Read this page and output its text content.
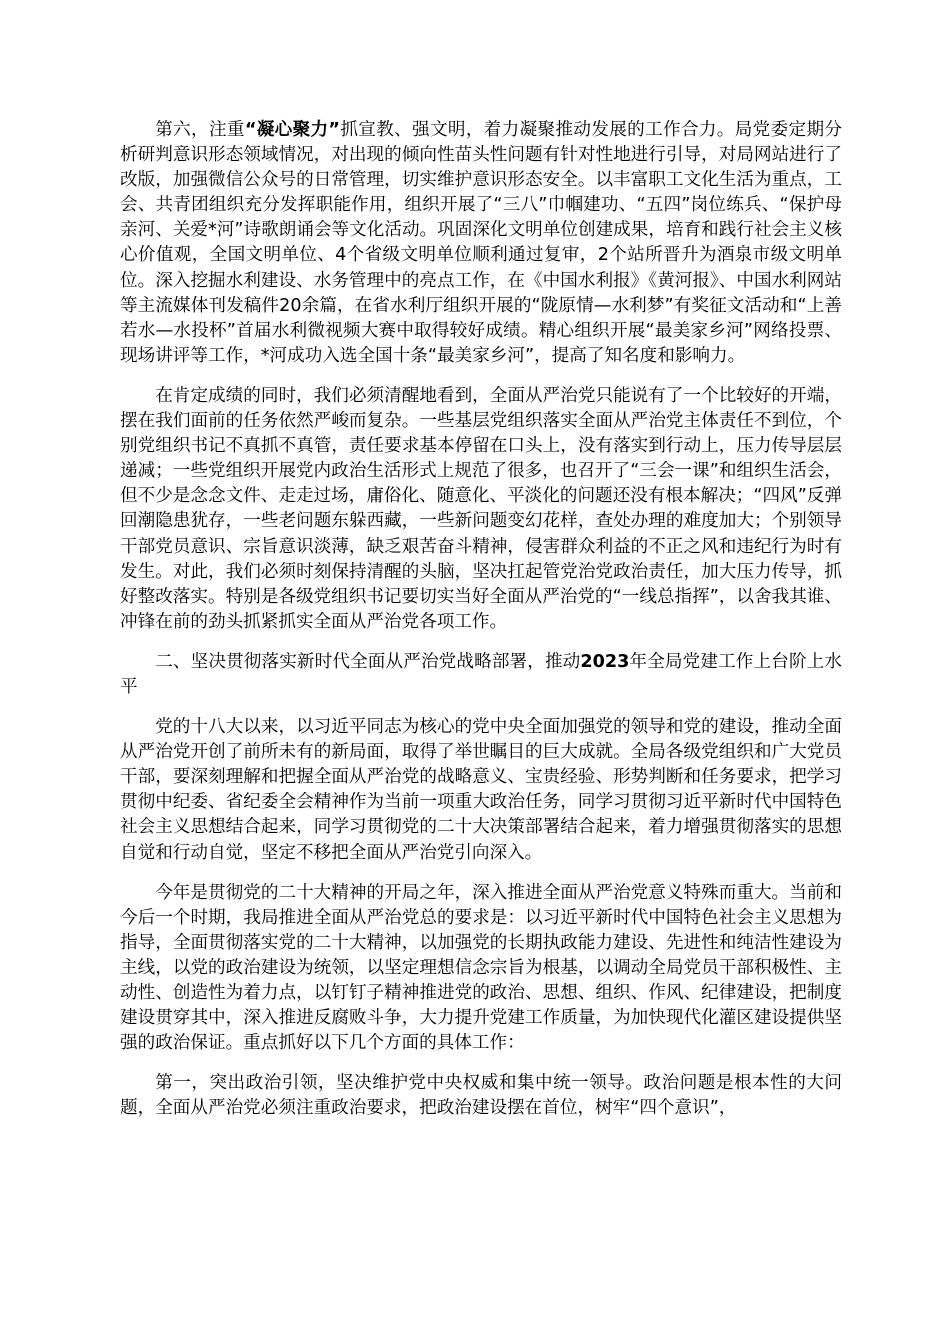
第六，注重“凝心聚力”抓宣教、强文明，着力凝聚推动发展的工作合力。局党委定期分析研判意识形态领域情况，对出现的倾向性苗头性问题有针对性地进行引导，对局网站进行了改版，加强微信公众号的日常管理，切实维护意识形态安全。以丰富职工文化生活为重点，工会、共青团组织充分发挥职能作用，组织开展了“三八”巾帼建功、“五四”岗位练兵、“保护母亲河、关爱*河”诗歌朗诵会等文化活动。巩固深化文明单位创建成果，培育和践行社会主义核心价值观，全国文明单位、4个省级文明单位顺利通过复审，2个站所晋升为酒泉市级文明单位。深入挖掘水利建设、水务管理中的亮点工作，在《中国水利报》《黄河报》、中国水利网站等主流媒体刊发稿件20余篇，在省水利厅组织开展的“陇原情—水利梦”有奖征文活动和“上善若水—水投杯”首届水利微视频大赛中取得较好成绩。精心组织开展“最美家乡河”网络投票、现场讲评等工作，*河成功入选全国十条“最美家乡河”，提高了知名度和影响力。

在肯定成绩的同时，我们必须清醒地看到，全面从严治党只能说有了一个比较好的开端，摆在我们面前的任务依然严峻而复杂。一些基层党组织落实全面从严治党主体责任不到位，个别党组织书记不真抓不真管，责任要求基本停留在口头上，没有落实到行动上，压力传导层层递减；一些党组织开展党内政治生活形式上规范了很多，也召开了“三会一课”和组织生活会，但不少是念念文件、走走过场，庸俗化、随意化、平淡化的问题还没有根本解决；“四风”反弹回潮隐患犹存，一些老问题东躲西藏，一些新问题变幻花样，查处办理的难度加大；个别领导干部党员意识、宗旨意识淡薄，缺乏艰苦奋斗精神，侵害群众利益的不正之风和违纪行为时有发生。对此，我们必须时刻保持清醒的头脑，坚决扛起管党治党政治责任，加大压力传导，抓好整改落实。特别是各级党组织书记要切实当好全面从严治党的“一线总指挥”，以舍我其谁、冲锋在前的劲头抓紧抓实全面从严治党各项工作。

二、坚决贯彻落实新时代全面从严治党战略部署，推动2023年全局党建工作上台阶上水平

党的十八大以来，以习近平同志为核心的党中央全面加强党的领导和党的建设，推动全面从严治党开创了前所未有的新局面，取得了举世瞩目的巨大成就。全局各级党组织和广大党员干部，要深刻理解和把握全面从严治党的战略意义、宝贵经验、形势判断和任务要求，把学习贯彻中纪委、省纪委全会精神作为当前一项重大政治任务，同学习贯彻习近平新时代中国特色社会主义思想结合起来，同学习贯彻党的二十大决策部署结合起来，着力增强贯彻落实的思想自觉和行动自觉，坚定不移把全面从严治党引向深入。

今年是贯彻党的二十大精神的开局之年，深入推进全面从严治党意义特殊而重大。当前和今后一个时期，我局推进全面从严治党总的要求是：以习近平新时代中国特色社会主义思想为指导，全面贯彻落实党的二十大精神，以加强党的长期执政能力建设、先进性和纯洁性建设为主线，以党的政治建设为统领，以坚定理想信念宗旨为根基，以调动全局党员干部积极性、主动性、创造性为着力点，以钉钉子精神推进党的政治、思想、组织、作风、纪律建设，把制度建设贯穿其中，深入推进反腐败斗争，大力提升党建工作质量，为加快现代化灌区建设提供坚强的政治保证。重点抓好以下几个方面的具体工作：

第一，突出政治引领，坚决维护党中央权威和集中统一领导。政治问题是根本性的大问题，全面从严治党必须注重政治要求，把政治建设摆在首位，树牢“四个意识”，
